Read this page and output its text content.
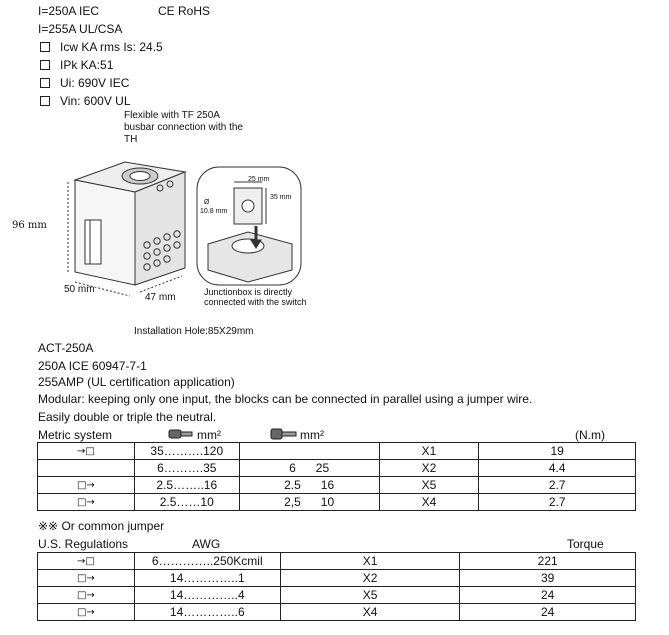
I=250A IEC	CE RoHS
I=255A UL/CSA
Icw KA rms Is: 24.5
IPk KA:51
Ui: 690V IEC
Vin: 600V UL
Flexible with TF 250A
busbar connection with the
TH
96 mm
50 mm
47 mm
25 mm
35 mm
Ø
10.8 mm
Junctionbox is directly
connected with the switch
Installation Hole:85X29mm
ACT-250A
250A ICE 60947-7-1
255AMP (UL certification application)
Modular: keeping only one input, the blocks can be connected in parallel using a jumper wire.
Easily double or triple the neutral.
Metric system	mm²	mm²	(N.m)
→□	35……….120		X1	19
	6……….35	6 25	X2	4.4
□→	2.5……..16	2.5 16	X5	2.7
□→	2.5……10	2,5 10	X4	2.7
※※ Or common jumper
U.S. Regulations	AWG	Torque
→□	6…………..250Kcmil	X1	221
□→	14…………..1	X2	39
□→	14…………..4	X5	24
□→	14…………..6	X4	24
